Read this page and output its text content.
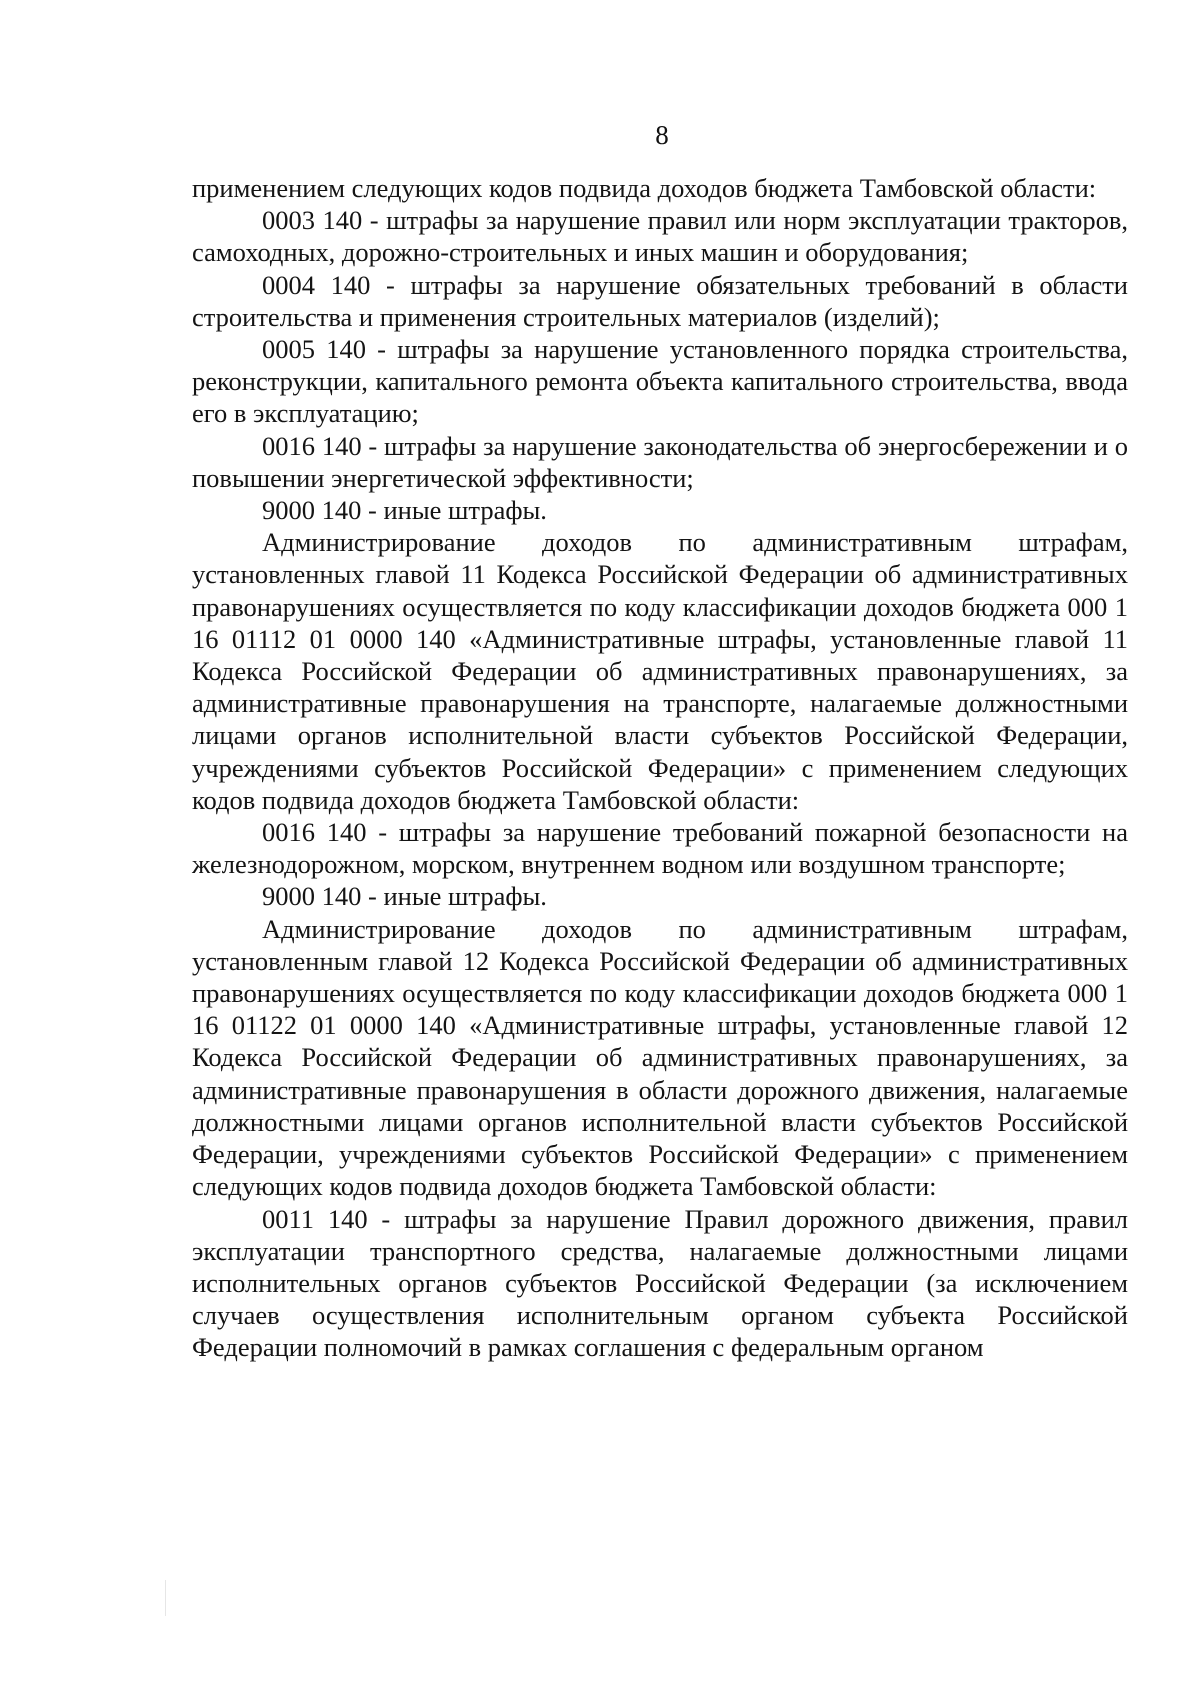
8

применением следующих кодов подвида доходов бюджета Тамбовской области:

0003 140 - штрафы за нарушение правил или норм эксплуатации тракторов, самоходных, дорожно-строительных и иных машин и оборудования;

0004 140 - штрафы за нарушение обязательных требований в области строительства и применения строительных материалов (изделий);

0005 140 - штрафы за нарушение установленного порядка строительства, реконструкции, капитального ремонта объекта капитального строительства, ввода его в эксплуатацию;

0016 140 - штрафы за нарушение законодательства об энергосбережении и о повышении энергетической эффективности;

9000 140 - иные штрафы.

Администрирование доходов по административным штрафам, установленных главой 11 Кодекса Российской Федерации об административных правонарушениях осуществляется по коду классификации доходов бюджета 000 1 16 01112 01 0000 140 «Административные штрафы, установленные главой 11 Кодекса Российской Федерации об административных правонарушениях, за административные правонарушения на транспорте, налагаемые должностными лицами органов исполнительной власти субъектов Российской Федерации, учреждениями субъектов Российской Федерации» с применением следующих кодов подвида доходов бюджета Тамбовской области:

0016 140 - штрафы за нарушение требований пожарной безопасности на железнодорожном, морском, внутреннем водном или воздушном транспорте;

9000 140 - иные штрафы.

Администрирование доходов по административным штрафам, установленным главой 12 Кодекса Российской Федерации об административных правонарушениях осуществляется по коду классификации доходов бюджета 000 1 16 01122 01 0000 140 «Административные штрафы, установленные главой 12 Кодекса Российской Федерации об административных правонарушениях, за административные правонарушения в области дорожного движения, налагаемые должностными лицами органов исполнительной власти субъектов Российской Федерации, учреждениями субъектов Российской Федерации» с применением следующих кодов подвида доходов бюджета Тамбовской области:

0011 140 - штрафы за нарушение Правил дорожного движения, правил эксплуатации транспортного средства, налагаемые должностными лицами исполнительных органов субъектов Российской Федерации (за исключением случаев осуществления исполнительным органом субъекта Российской Федерации полномочий в рамках соглашения с федеральным органом
